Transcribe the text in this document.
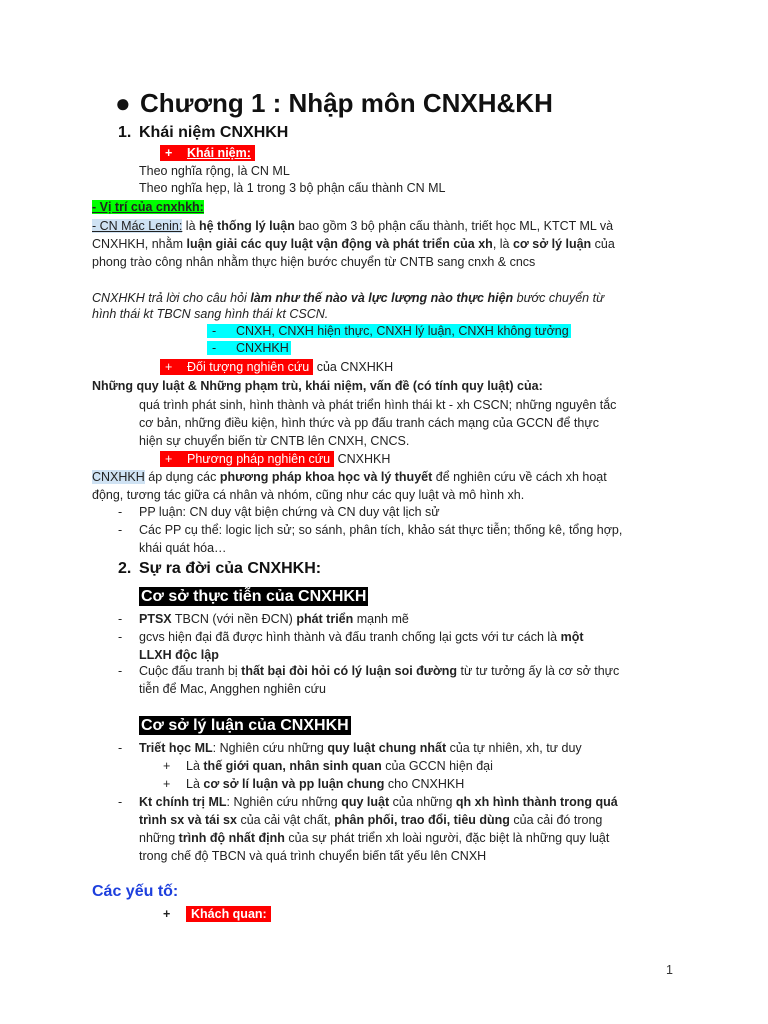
● Chương 1 : Nhập môn CNXH&KH
1. Khái niệm CNXHKH
+ Khái niệm:
Theo nghĩa rộng, là CN ML
Theo nghĩa hẹp, là 1 trong 3 bộ phận cấu thành CN ML
- Vị trí của cnxhkh:
- CN Mác Lenin: là hệ thống lý luận bao gồm 3 bộ phận cấu thành, triết học ML, KTCT ML và
CNXHKH, nhằm luận giải các quy luật vận động và phát triển của xh, là cơ sở lý luận của
phong trào công nhân nhằm thực hiện bước chuyển từ CNTB sang cnxh & cncs
CNXHKH trả lời cho câu hỏi làm như thế nào và lực lượng nào thực hiện bước chuyển từ
hình thái kt TBCN sang hình thái kt CSCN.
- CNXH, CNXH hiện thực, CNXH lý luận, CNXH không tưởng
- CNXHKH
+ Đối tượng nghiên cứu của CNXHKH
Những quy luật & Những phạm trù, khái niệm, vấn đề (có tính quy luật) của:
quá trình phát sinh, hình thành và phát triển hình thái kt - xh CSCN; những nguyên tắc
cơ bản, những điều kiện, hình thức và pp đấu tranh cách mạng của GCCN để thực
hiện sự chuyển biến từ CNTB lên CNXH, CNCS.
+ Phương pháp nghiên cứu CNXHKH
CNXHKH áp dụng các phương pháp khoa học và lý thuyết để nghiên cứu về cách xh hoạt
động, tương tác giữa cá nhân và nhóm, cũng như các quy luật và mô hình xh.
- PP luận: CN duy vật biện chứng và CN duy vật lịch sử
- Các PP cụ thể: logic lịch sử; so sánh, phân tích, khảo sát thực tiễn; thống kê, tổng hợp,
khái quát hóa…
2. Sự ra đời của CNXHKH:
Cơ sở thực tiễn của CNXHKH
- PTSX TBCN (với nền ĐCN) phát triển mạnh mẽ
- gcvs hiện đại đã được hình thành và đấu tranh chống lại gcts với tư cách là một
LLXH độc lập
- Cuộc đấu tranh bị thất bại đòi hỏi có lý luận soi đường từ tư tưởng ấy là cơ sở thực
tiễn để Mac, Angghen nghiên cứu
Cơ sở lý luận của CNXHKH
- Triết học ML: Nghiên cứu những quy luật chung nhất của tự nhiên, xh, tư duy
+ Là thế giới quan, nhân sinh quan của GCCN hiện đại
+ Là cơ sở lí luận và pp luận chung cho CNXHKH
- Kt chính trị ML: Nghiên cứu những quy luật của những qh xh hình thành trong quá
trình sx và tái sx của cải vật chất, phân phối, trao đổi, tiêu dùng của cải đó trong
những trình độ nhất định của sự phát triển xh loài người, đặc biệt là những quy luật
trong chế độ TBCN và quá trình chuyển biến tất yếu lên CNXH
Các yếu tố:
+ Khách quan:
1
